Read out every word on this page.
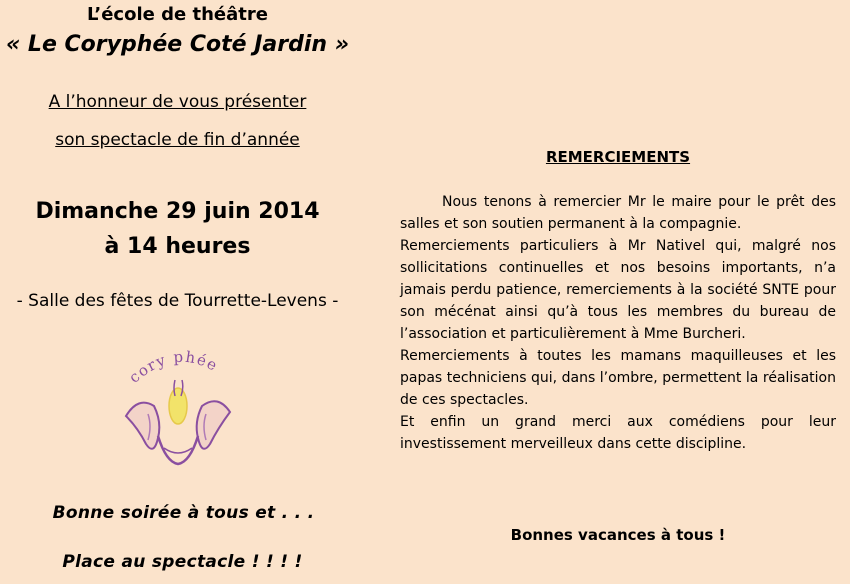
L’école de théâtre
« Le Coryphée Coté Jardin »
A l’honneur de vous présenter
son spectacle de fin d’année
Dimanche 29 juin 2014
à 14 heures
- Salle des fêtes de Tourrette-Levens -
cory phée
Bonne soirée à tous et . . .
Place au spectacle ! ! ! !
REMERCIEMENTS

Nous tenons à remercier Mr le maire pour le prêt des salles et son soutien permanent à la compagnie.

Remerciements particuliers à Mr Nativel qui, malgré nos sollicitations continuelles et nos besoins importants, n’a jamais perdu patience, remerciements à la société SNTE pour son mécénat ainsi qu’à tous les membres du bureau de l’association et particulièrement à Mme Burcheri.

Remerciements à toutes les mamans maquilleuses et les papas techniciens qui, dans l’ombre, permettent la réalisation de ces spectacles.

Et enfin un grand merci aux comédiens pour leur investissement merveilleux dans cette discipline.

Bonnes vacances à tous !
